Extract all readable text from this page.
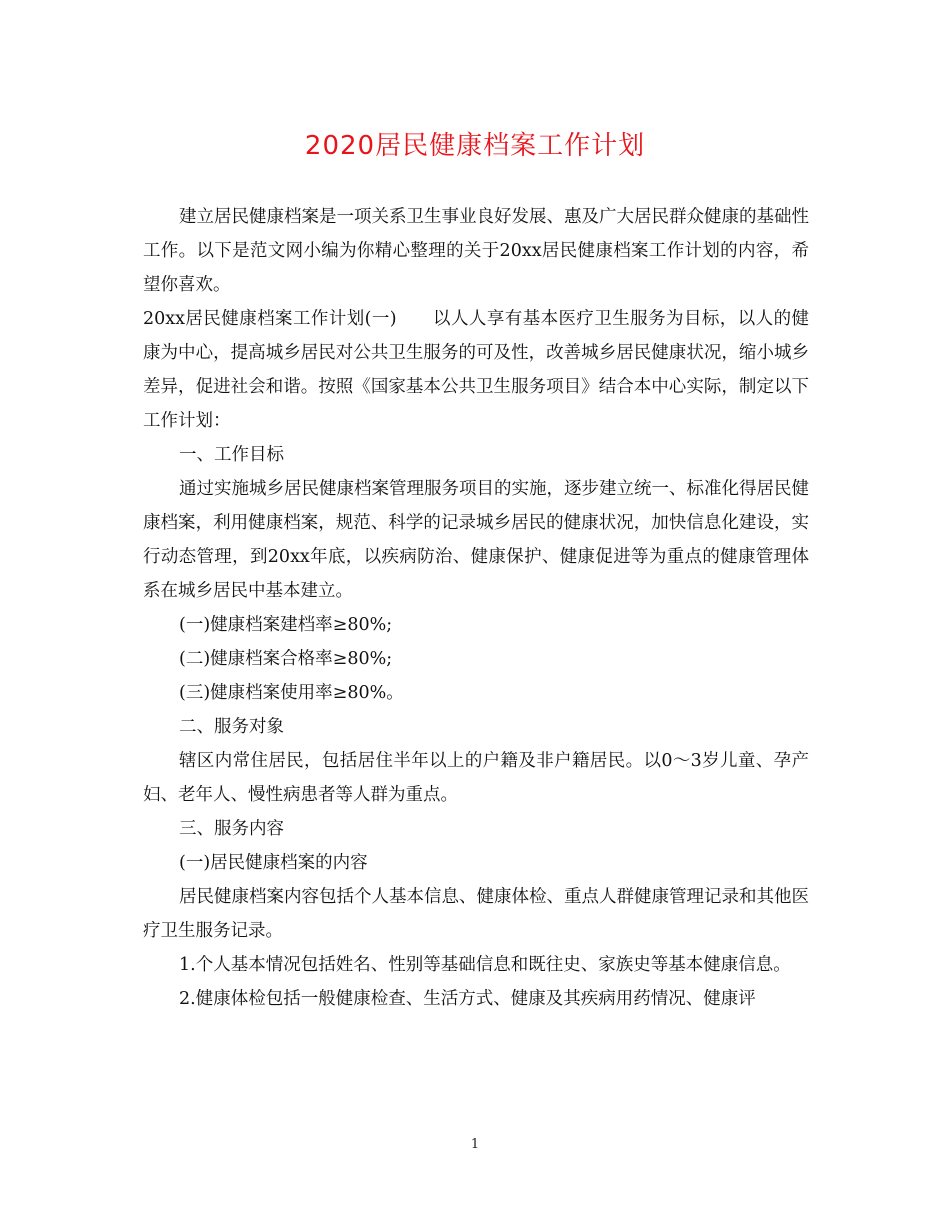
2020居民健康档案工作计划

建立居民健康档案是一项关系卫生事业良好发展、惠及广大居民群众健康的基础性工作。以下是范文网小编为你精心整理的关于20xx居民健康档案工作计划的内容，希望你喜欢。

20xx居民健康档案工作计划(一) 以人人享有基本医疗卫生服务为目标，以人的健康为中心，提高城乡居民对公共卫生服务的可及性，改善城乡居民健康状况，缩小城乡差异，促进社会和谐。按照《国家基本公共卫生服务项目》结合本中心实际，制定以下工作计划：

一、工作目标

通过实施城乡居民健康档案管理服务项目的实施，逐步建立统一、标准化得居民健康档案，利用健康档案，规范、科学的记录城乡居民的健康状况，加快信息化建设，实行动态管理，到20xx年底，以疾病防治、健康保护、健康促进等为重点的健康管理体系在城乡居民中基本建立。

(一)健康档案建档率≥80%;

(二)健康档案合格率≥80%;

(三)健康档案使用率≥80%。

二、服务对象

辖区内常住居民，包括居住半年以上的户籍及非户籍居民。以0～3岁儿童、孕产妇、老年人、慢性病患者等人群为重点。

三、服务内容

(一)居民健康档案的内容

居民健康档案内容包括个人基本信息、健康体检、重点人群健康管理记录和其他医疗卫生服务记录。

1.个人基本情况包括姓名、性别等基础信息和既往史、家族史等基本健康信息。

2.健康体检包括一般健康检查、生活方式、健康及其疾病用药情况、健康评

1
